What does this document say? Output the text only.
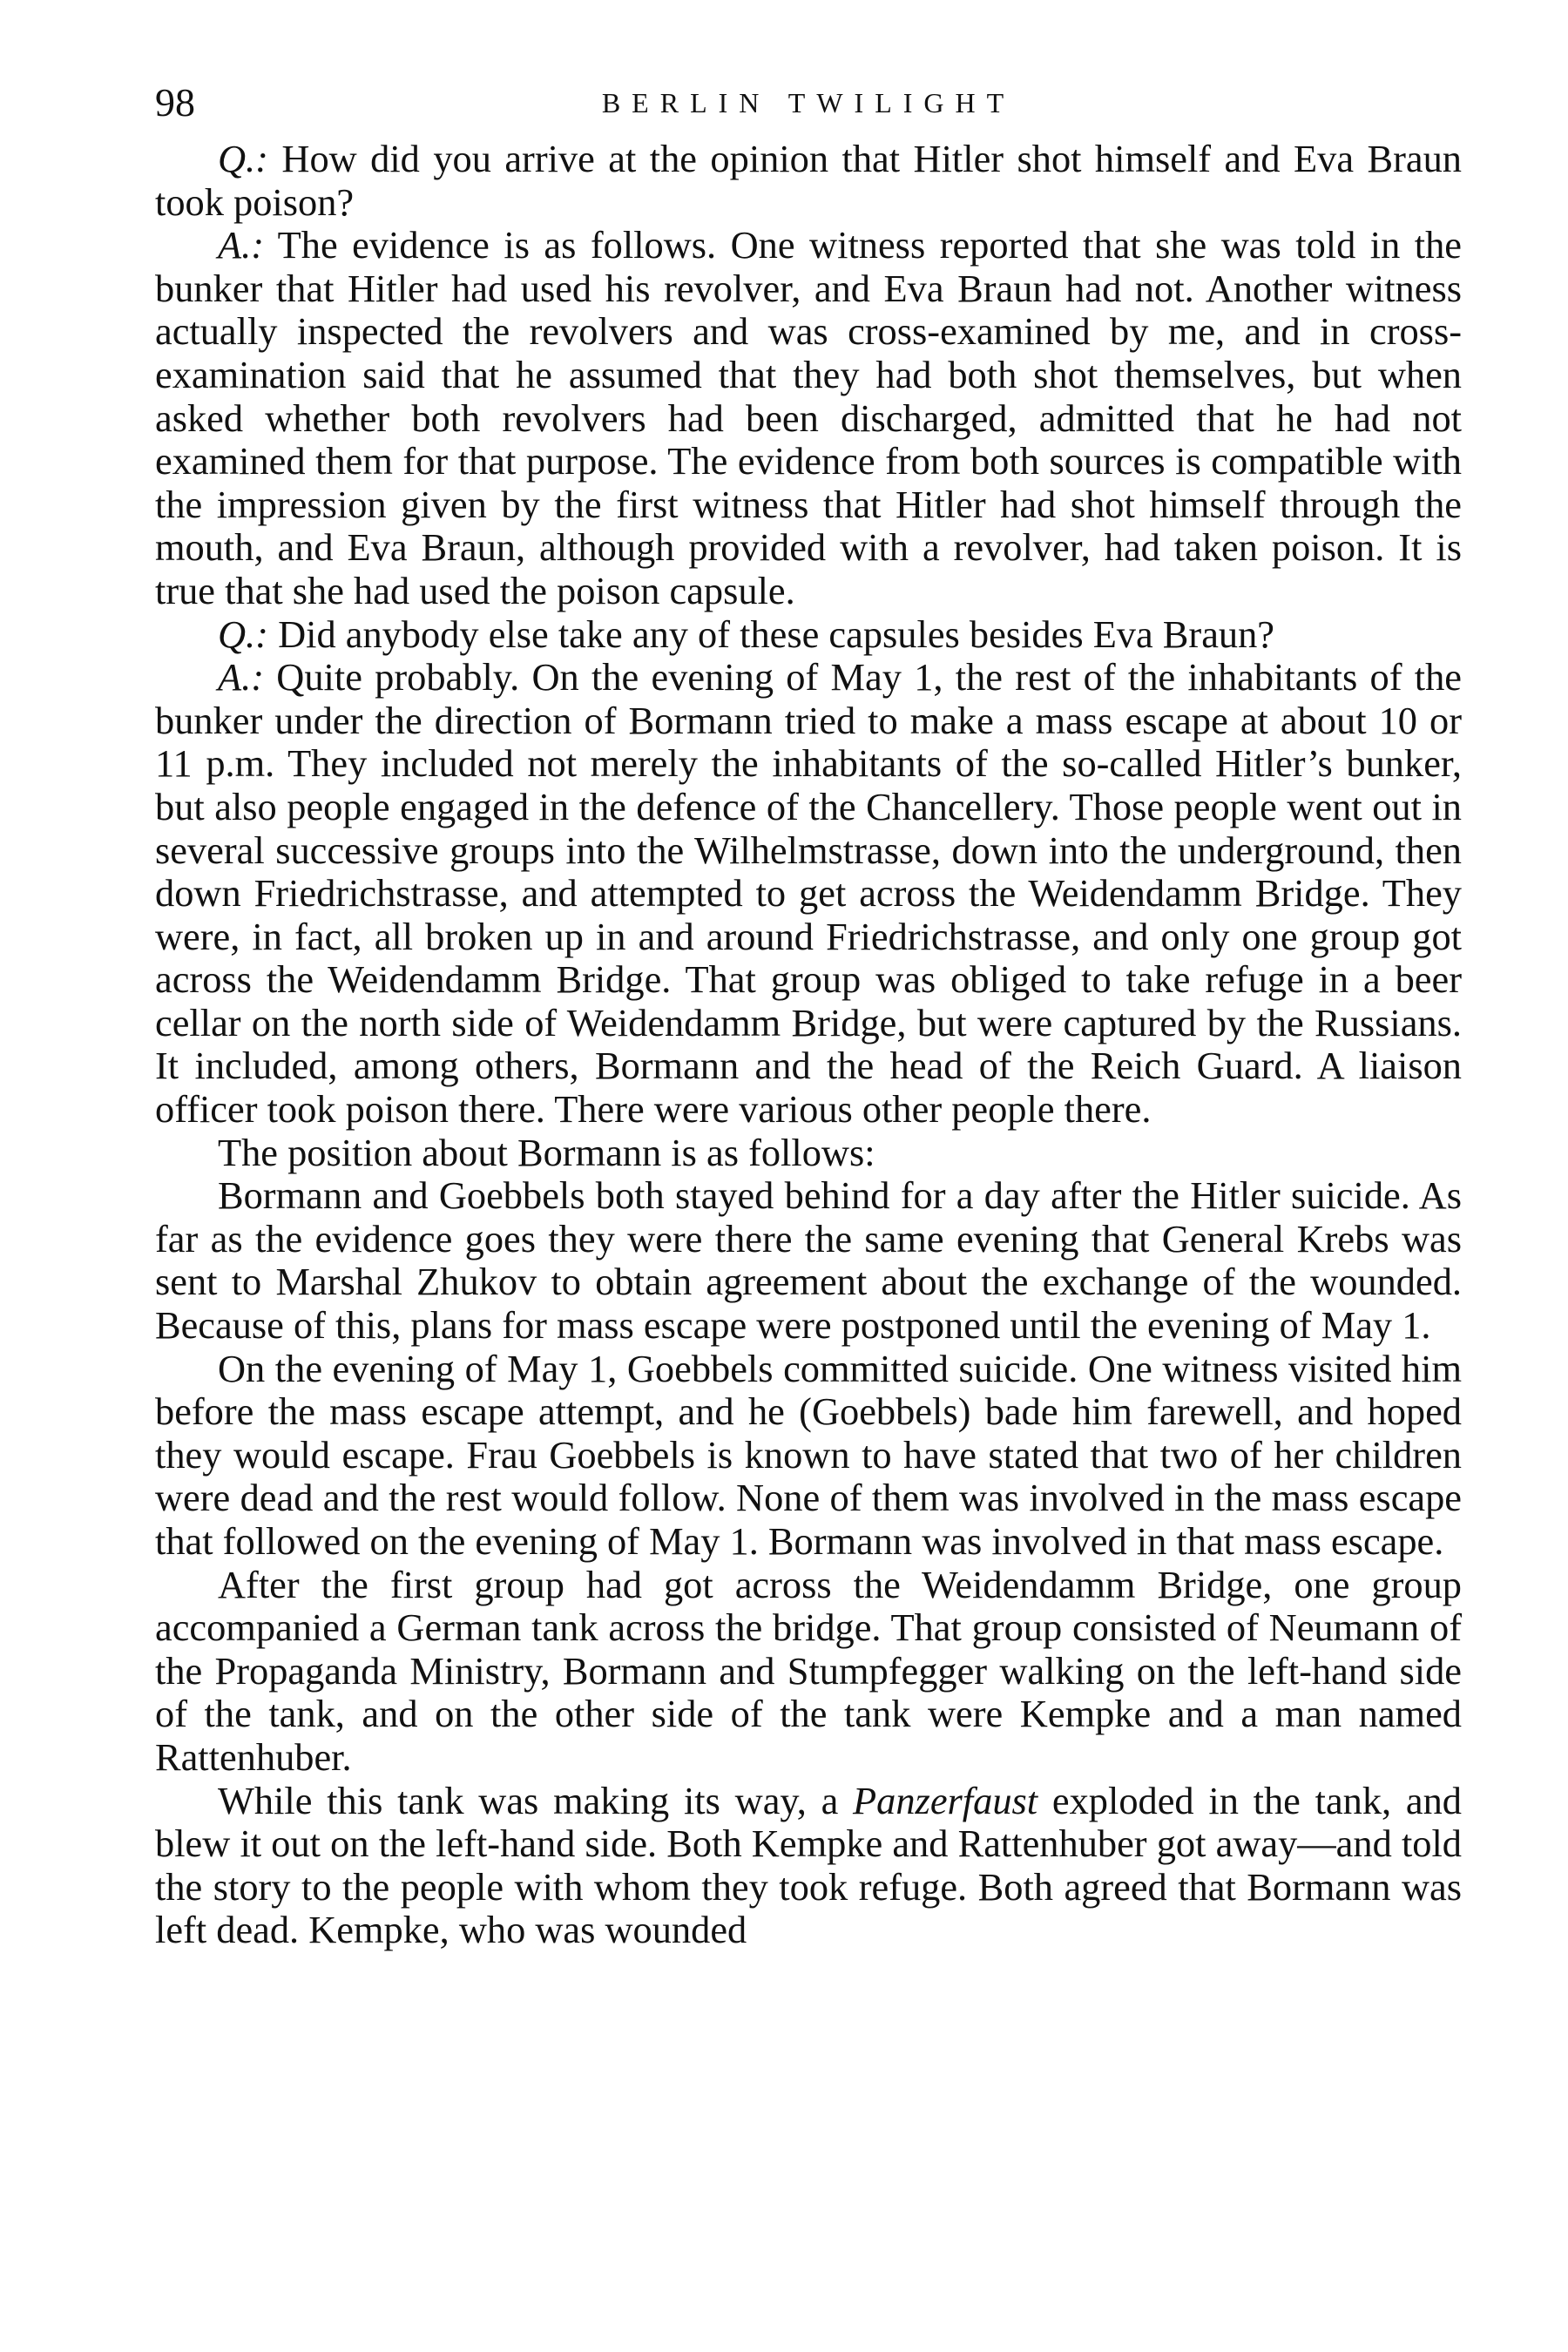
98	BERLIN TWILIGHT

Q.: How did you arrive at the opinion that Hitler shot himself and Eva Braun took poison?

A.: The evidence is as follows. One witness reported that she was told in the bunker that Hitler had used his revolver, and Eva Braun had not. Another witness actually inspected the revolvers and was cross-examined by me, and in cross-examination said that he assumed that they had both shot themselves, but when asked whether both revolvers had been discharged, admitted that he had not examined them for that purpose. The evidence from both sources is compatible with the impression given by the first witness that Hitler had shot himself through the mouth, and Eva Braun, although provided with a revolver, had taken poison. It is true that she had used the poison capsule.

Q.: Did anybody else take any of these capsules besides Eva Braun?

A.: Quite probably. On the evening of May 1, the rest of the inhabitants of the bunker under the direction of Bormann tried to make a mass escape at about 10 or 11 p.m. They included not merely the inhabitants of the so-called Hitler’s bunker, but also people engaged in the defence of the Chancellery. Those people went out in several successive groups into the Wilhelmstrasse, down into the underground, then down Friedrichstrasse, and attempted to get across the Weidendamm Bridge. They were, in fact, all broken up in and around Friedrichstrasse, and only one group got across the Weidendamm Bridge. That group was obliged to take refuge in a beer cellar on the north side of Weidendamm Bridge, but were captured by the Russians. It included, among others, Bormann and the head of the Reich Guard. A liaison officer took poison there. There were various other people there.

The position about Bormann is as follows:

Bormann and Goebbels both stayed behind for a day after the Hitler suicide. As far as the evidence goes they were there the same evening that General Krebs was sent to Marshal Zhukov to obtain agreement about the exchange of the wounded. Because of this, plans for mass escape were postponed until the evening of May 1.

On the evening of May 1, Goebbels committed suicide. One witness visited him before the mass escape attempt, and he (Goebbels) bade him farewell, and hoped they would escape. Frau Goebbels is known to have stated that two of her children were dead and the rest would follow. None of them was involved in the mass escape that followed on the evening of May 1. Bormann was involved in that mass escape.

After the first group had got across the Weidendamm Bridge, one group accompanied a German tank across the bridge. That group consisted of Neumann of the Propaganda Ministry, Bormann and Stumpfegger walking on the left-hand side of the tank, and on the other side of the tank were Kempke and a man named Rattenhuber.

While this tank was making its way, a Panzerfaust exploded in the tank, and blew it out on the left-hand side. Both Kempke and Rattenhuber got away—and told the story to the people with whom they took refuge. Both agreed that Bormann was left dead. Kempke, who was wounded
